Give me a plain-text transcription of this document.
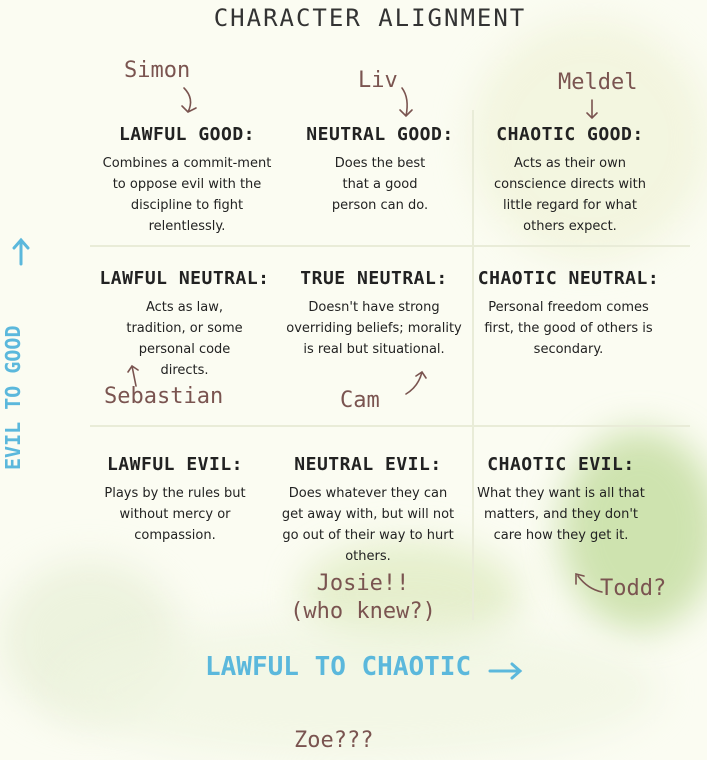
CHARACTER ALIGNMENT
LAWFUL GOOD:
Combines a commit-ment to oppose evil with the discipline to fight relentlessly.
NEUTRAL GOOD:
Does the best that a good person can do.
CHAOTIC GOOD:
Acts as their own conscience directs with little regard for what others expect.
LAWFUL NEUTRAL:
Acts as law, tradition, or some personal code directs.
TRUE NEUTRAL:
Doesn't have strong overriding beliefs; morality is real but situational.
CHAOTIC NEUTRAL:
Personal freedom comes first, the good of others is secondary.
LAWFUL EVIL:
Plays by the rules but without mercy or compassion.
NEUTRAL EVIL:
Does whatever they can get away with, but will not go out of their way to hurt others.
CHAOTIC EVIL:
What they want is all that matters, and they don't care how they get it.
Simon	Liv	Meldel
Sebastian	Cam
Josie!!
(who knew?)
Todd?
Zoe???
LAWFUL TO CHAOTIC
EVIL TO GOOD
